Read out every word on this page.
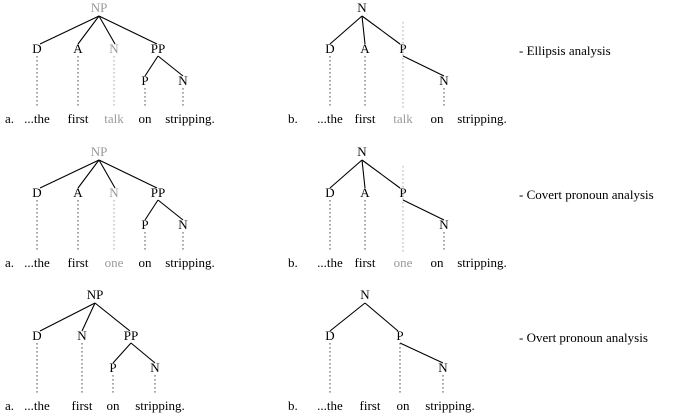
NP
D A N PP
P N
a. ...the first talk on stripping.
N
D A P
N
b. ...the first talk on stripping.
NP
D A N PP
P N
a. ...the first one on stripping.
N
D A P
N
b. ...the first one on stripping.
NP
D	N	PP
P	N
a. ...the first on stripping.
N
D	P
N
b. ...the first on stripping.
- Ellipsis analysis
- Covert pronoun analysis
- Overt pronoun analysis
